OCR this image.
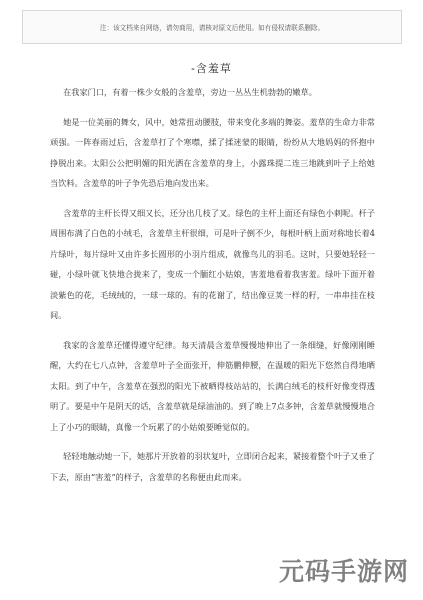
注：该文档来自网络，请勿商用，请核对原文后使用。如有侵权请联系删除。
-含羞草

在我家门口，有着一株少女般的含羞草，旁边一丛丛生机勃勃的嫩草。

她是一位美丽的舞女，风中，她常扭动腰肢，带来变化多端的舞姿。羞草的生命力非常顽强。一阵春雨过后，含羞草打了个寒噤，揉了揉迷蒙的眼睛，纷纷从大地妈妈的怀抱中挣脱出来。太阳公公把明媚的阳光洒在含羞草的身上，小露珠提二连三地跳到叶子上给她当饮料。含羞草的叶子争先恐后地向发出来。

含羞草的主杆长得又细又长，还分出几枝了叉。绿色的主杆上面还有绿色小刺呢。杆子周围布满了白色的小绒毛，含羞草主杆很细，可是叶子倒不少，每根叶柄上面对称地长着4片绿叶，每片绿叶又由许多长圆形的小羽片组成，就像鸟儿的羽毛。这时，只要她轻轻一碰，小绿叶就飞快地合拢来了，变成一个腼红小姑娘，害羞地看着我害羞。绿叶下面开着淡紫色的花，毛绒绒的，一球一球的。有的花谢了，结出像豆荚一样的籽，一串串挂在枝间。

我家的含羞草还懂得遵守纪律。每天清晨含羞草慢慢地伸出了一条细缝，好像刚刚睡醒，大约在七八点钟，含羞草叶子全面张开，伸筋鹏伸腰，在温暖的阳光下悠然自得地晒太阳。到了中午，含羞草在强烈的阳光下被晒得枝站站的，长满白绒毛的枝杆好像变得透明了。要是中午是阴天的话，含羞草就是绿油油的。到了晚上7点多钟，含羞草就慢慢地合上了小巧的眼睛，真像一个玩累了的小姑娘要睡觉似的。

轻轻地触动她一下，她那片开放着的羽状复叶，立即闭合起来，紧接着整个叶子又垂了下去，原由“害羞”的样子，含羞草的名称便由此而来。

元码手游网
